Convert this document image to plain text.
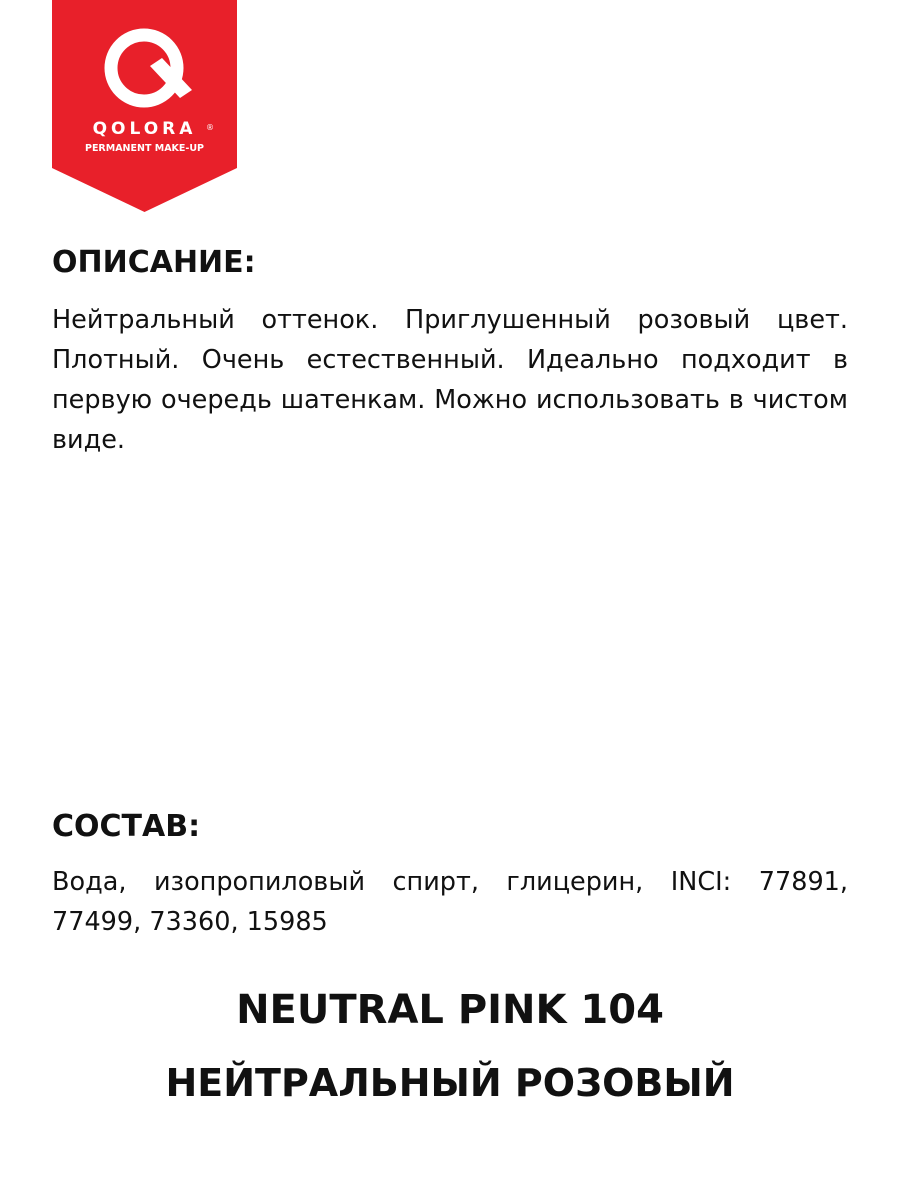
®
QOLORA
PERMANENT MAKE-UP
ОПИСАНИЕ:

Нейтральный оттенок. Приглушенный розовый цвет. Плотный. Очень естественный. Идеально подходит в первую очередь шатенкам. Можно использовать в чистом виде.

СОСТАВ:

Вода, изопропиловый спирт, глицерин, INCI: 77891, 77499, 73360, 15985

NEUTRAL PINK 104
НЕЙТРАЛЬНЫЙ РОЗОВЫЙ
